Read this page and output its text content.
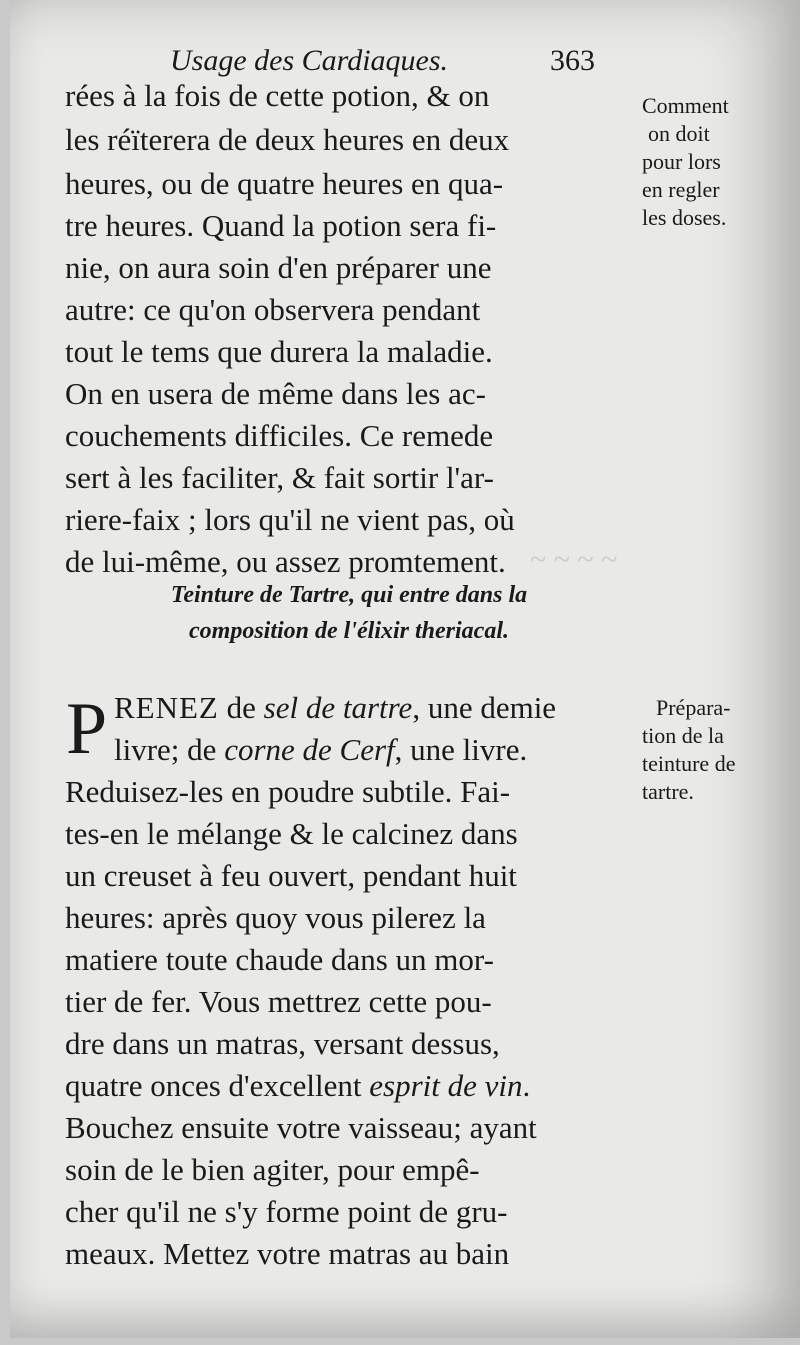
~ ~ ~ ~
Usage des Cardiaques.	363
rées à la fois de cette potion, & on
les réïterera de deux heures en deux
heures, ou de quatre heures en qua-
tre heures. Quand la potion sera fi-
nie, on aura soin d'en préparer une
autre: ce qu'on observera pendant
tout le tems que durera la maladie.
On en usera de même dans les ac-
couchements difficiles. Ce remede
sert à les faciliter, & fait sortir l'ar-
riere-faix ; lors qu'il ne vient pas, où
de lui-même, ou assez promtement.
Comment
on doit
pour lors
en regler
les doses.
Teinture de Tartre, qui entre dans la
composition de l'élixir theriacal.
P RENEZ de sel de tartre, une demie
livre; de corne de Cerf, une livre.
Reduisez-les en poudre subtile. Fai-
tes-en le mélange & le calcinez dans
un creuset à feu ouvert, pendant huit
heures: après quoy vous pilerez la
matiere toute chaude dans un mor-
tier de fer. Vous mettrez cette pou-
dre dans un matras, versant dessus,
quatre onces d'excellent esprit de vin.
Bouchez ensuite votre vaisseau; ayant
soin de le bien agiter, pour empê-
cher qu'il ne s'y forme point de gru-
meaux. Mettez votre matras au bain
Prépara-
tion de la
teinture de
tartre.
